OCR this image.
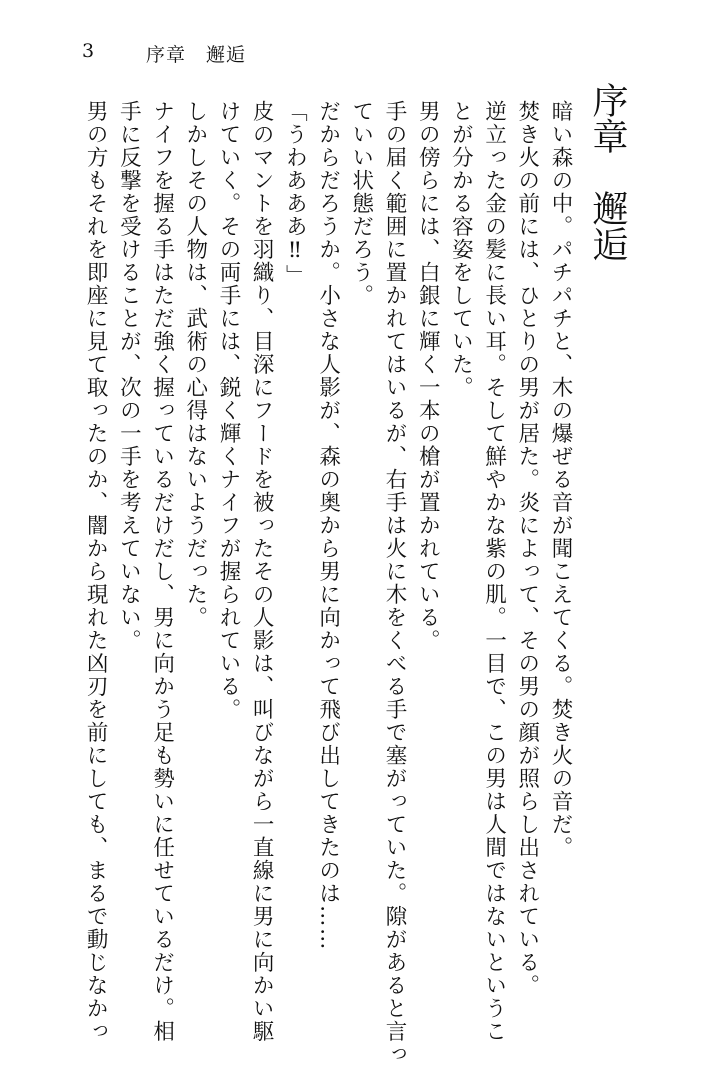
3	序章　邂逅
序章　邂逅

暗い森の中。パチパチと、木の爆ぜる音が聞こえてくる。焚き火の音だ。

焚き火の前には、ひとりの男が居た。炎によって、その男の顔が照らし出されている。

逆立った金の髪に長い耳。そして鮮やかな紫の肌。一目で、この男は人間ではないというこ

とが分かる容姿をしていた。

男の傍らには、白銀に輝く一本の槍が置かれている。

手の届く範囲に置かれてはいるが、右手は火に木をくべる手で塞がっていた。隙があると言っ

ていい状態だろう。

だからだろうか。小さな人影が、森の奥から男に向かって飛び出してきたのは……

「うわあああ‼」

皮のマントを羽織り、目深にフードを被ったその人影は、叫びながら一直線に男に向かい駆

けていく。その両手には、鋭く輝くナイフが握られている。

しかしその人物は、武術の心得はないようだった。

ナイフを握る手はただ強く握っているだけだし、男に向かう足も勢いに任せているだけ。相

手に反撃を受けることが、次の一手を考えていない。

男の方もそれを即座に見て取ったのか、闇から現れた凶刃を前にしても、まるで動じなかっ
